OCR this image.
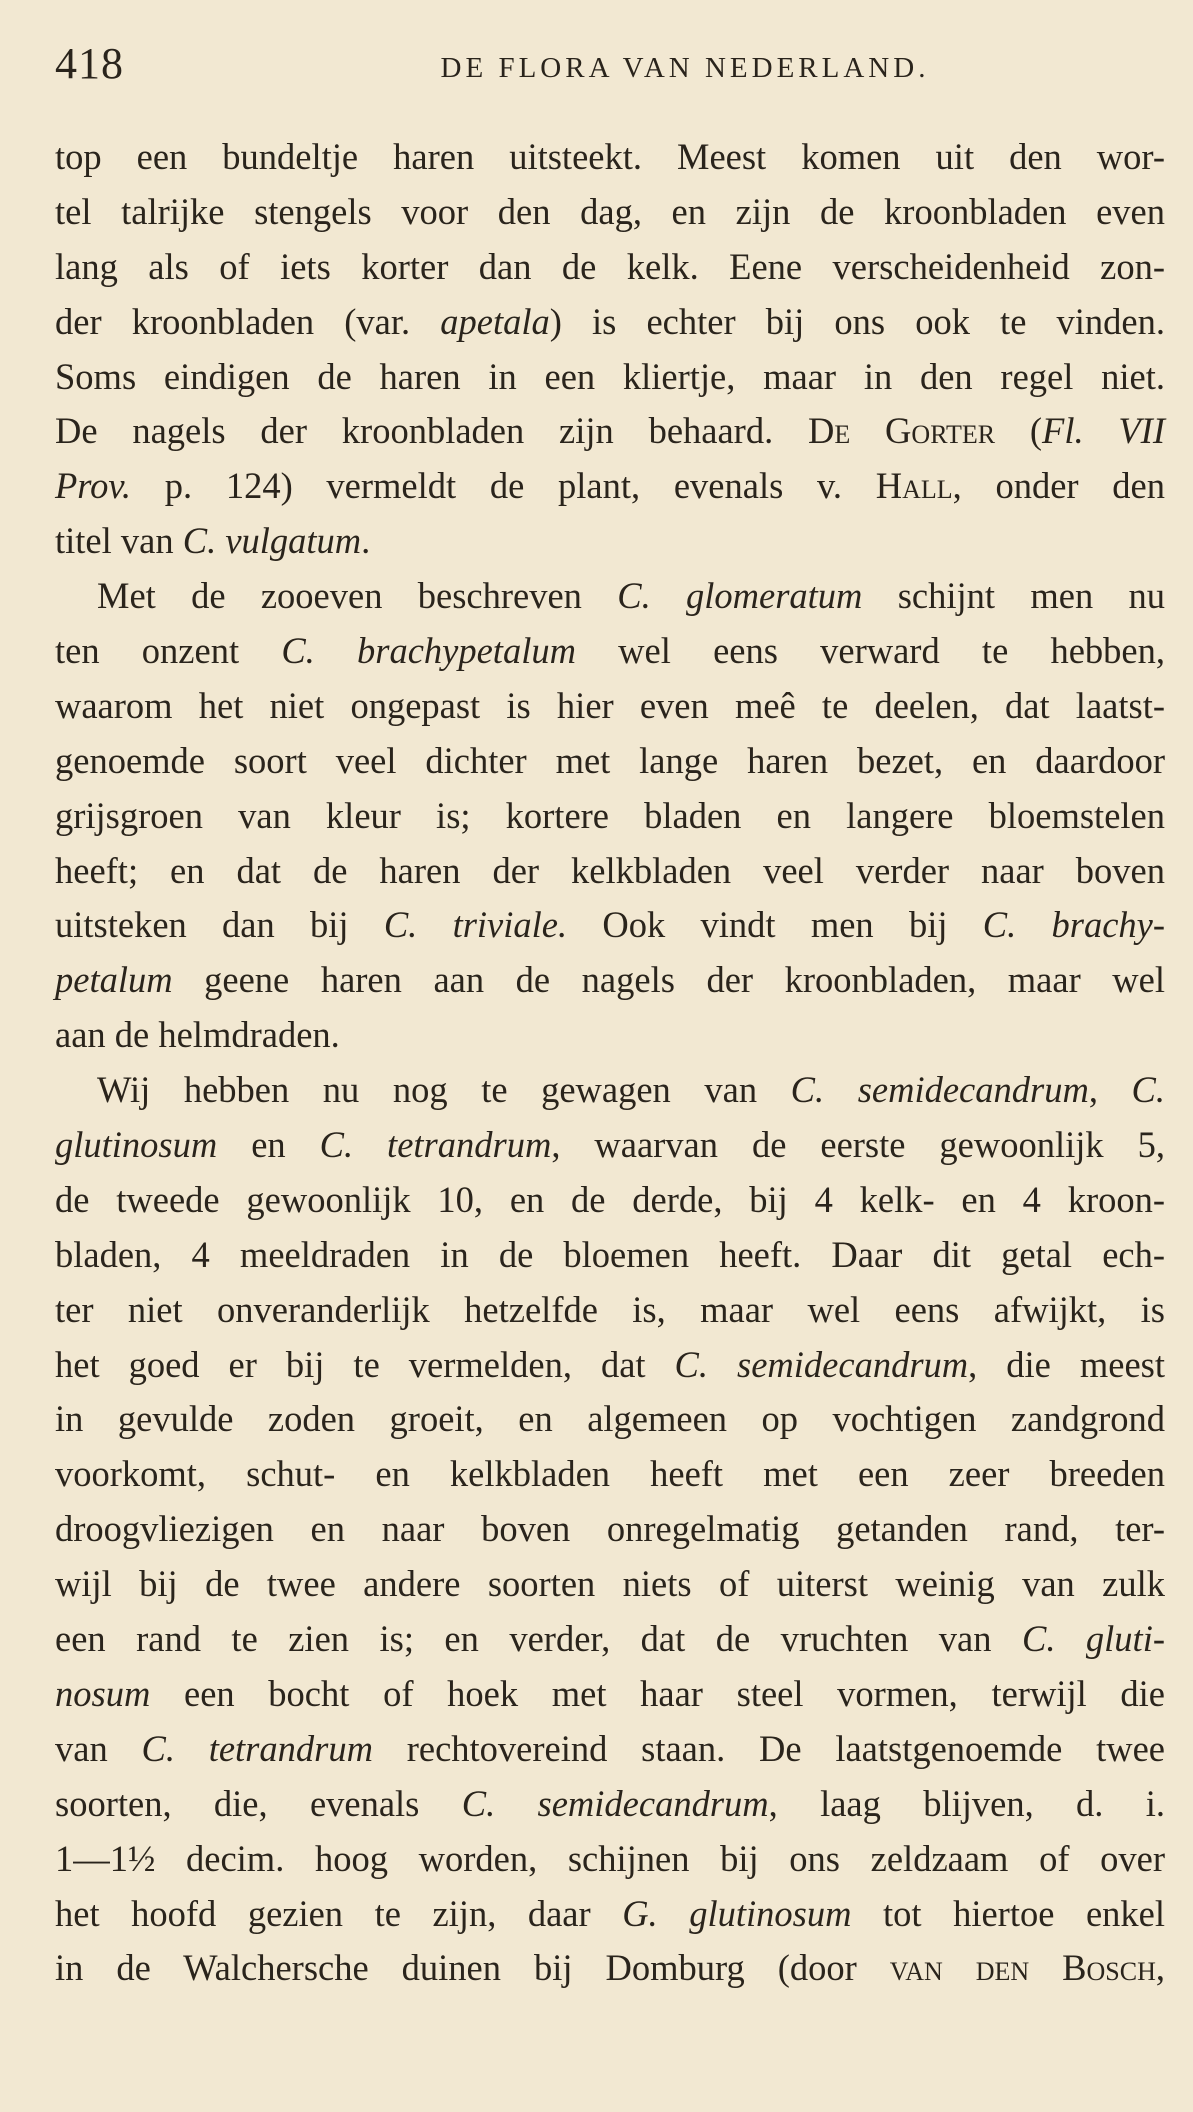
418	DE FLORA VAN NEDERLAND.
top een bundeltje haren uitsteekt. Meest komen uit den wor-
tel talrijke stengels voor den dag, en zijn de kroonbladen even
lang als of iets korter dan de kelk. Eene verscheidenheid zon-
der kroonbladen (var. apetala) is echter bij ons ook te vinden.
Soms eindigen de haren in een kliertje, maar in den regel niet.
De nagels der kroonbladen zijn behaard. De Gorter (Fl. VII
Prov. p. 124) vermeldt de plant, evenals v. Hall, onder den
titel van C. vulgatum.
Met de zooeven beschreven C. glomeratum schijnt men nu
ten onzent C. brachypetalum wel eens verward te hebben,
waarom het niet ongepast is hier even meê te deelen, dat laatst-
genoemde soort veel dichter met lange haren bezet, en daardoor
grijsgroen van kleur is; kortere bladen en langere bloemstelen
heeft; en dat de haren der kelkbladen veel verder naar boven
uitsteken dan bij C. triviale. Ook vindt men bij C. brachy-
petalum geene haren aan de nagels der kroonbladen, maar wel
aan de helmdraden.
Wij hebben nu nog te gewagen van C. semidecandrum, C.
glutinosum en C. tetrandrum, waarvan de eerste gewoonlijk 5,
de tweede gewoonlijk 10, en de derde, bij 4 kelk- en 4 kroon-
bladen, 4 meeldraden in de bloemen heeft. Daar dit getal ech-
ter niet onveranderlijk hetzelfde is, maar wel eens afwijkt, is
het goed er bij te vermelden, dat C. semidecandrum, die meest
in gevulde zoden groeit, en algemeen op vochtigen zandgrond
voorkomt, schut- en kelkbladen heeft met een zeer breeden
droogvliezigen en naar boven onregelmatig getanden rand, ter-
wijl bij de twee andere soorten niets of uiterst weinig van zulk
een rand te zien is; en verder, dat de vruchten van C. gluti-
nosum een bocht of hoek met haar steel vormen, terwijl die
van C. tetrandrum rechtovereind staan. De laatstgenoemde twee
soorten, die, evenals C. semidecandrum, laag blijven, d. i.
1—1½ decim. hoog worden, schijnen bij ons zeldzaam of over
het hoofd gezien te zijn, daar G. glutinosum tot hiertoe enkel
in de Walchersche duinen bij Domburg (door van den Bosch,
